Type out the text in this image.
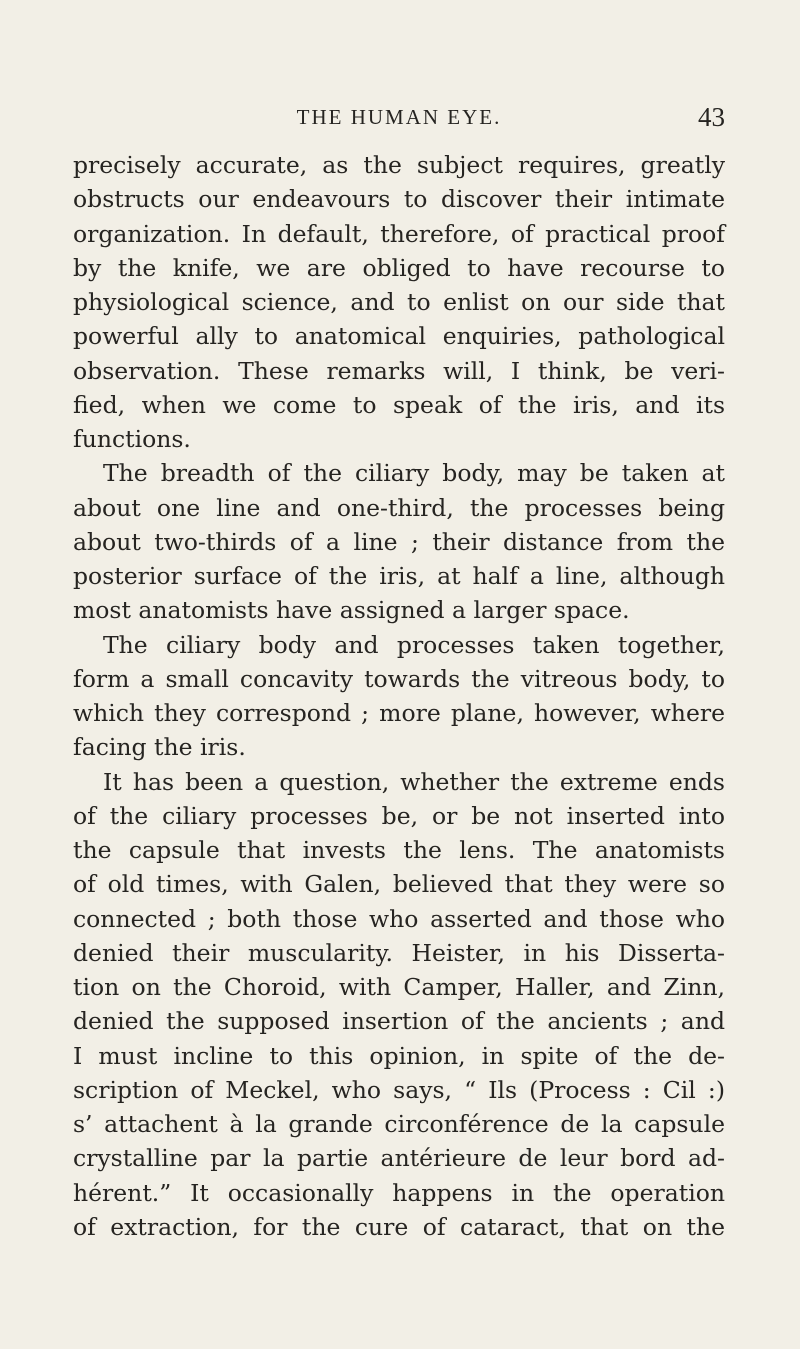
THE HUMAN EYE.	43
precisely accurate, as the subject requires, greatly
obstructs our endeavours to discover their intimate
organization. In default, therefore, of practical proof
by the knife, we are obliged to have recourse to
physiological science, and to enlist on our side that
powerful ally to anatomical enquiries, pathological
observation. These remarks will, I think, be veri-
fied, when we come to speak of the iris, and its
functions.
The breadth of the ciliary body, may be taken at
about one line and one-third, the processes being
about two-thirds of a line ; their distance from the
posterior surface of the iris, at half a line, although
most anatomists have assigned a larger space.
The ciliary body and processes taken together,
form a small concavity towards the vitreous body, to
which they correspond ; more plane, however, where
facing the iris.
It has been a question, whether the extreme ends
of the ciliary processes be, or be not inserted into
the capsule that invests the lens. The anatomists
of old times, with Galen, believed that they were so
connected ; both those who asserted and those who
denied their muscularity. Heister, in his Disserta-
tion on the Choroid, with Camper, Haller, and Zinn,
denied the supposed insertion of the ancients ; and
I must incline to this opinion, in spite of the de-
scription of Meckel, who says, “ Ils (Process : Cil :)
s’ attachent à la grande circonférence de la capsule
crystalline par la partie antérieure de leur bord ad-
hérent.” It occasionally happens in the operation
of extraction, for the cure of cataract, that on the
